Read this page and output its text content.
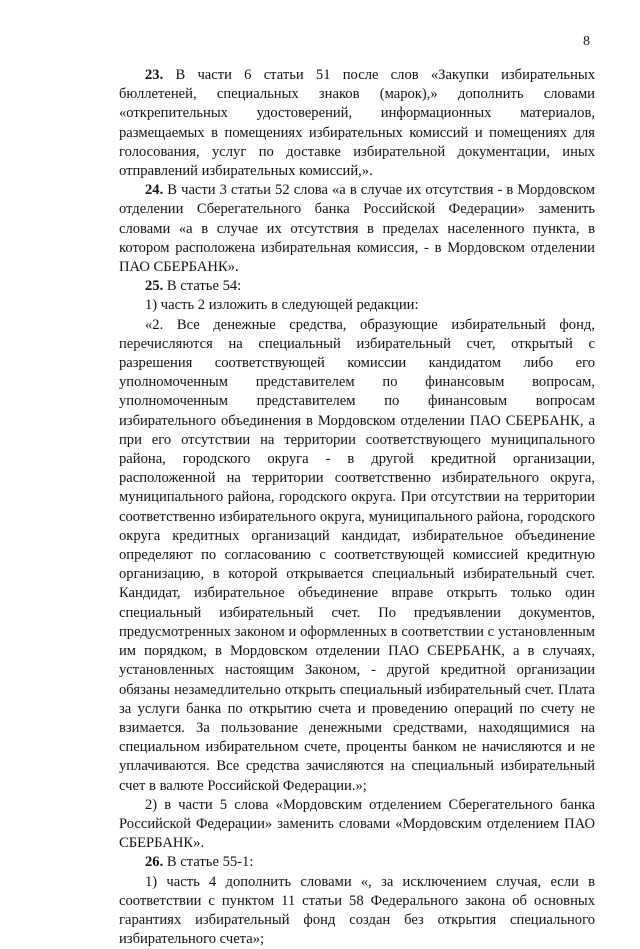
8

23. В части 6 статьи 51 после слов «Закупки избирательных бюллетеней, специальных знаков (марок),» дополнить словами «открепительных удостоверений, информационных материалов, размещаемых в помещениях избирательных комиссий и помещениях для голосования, услуг по доставке избирательной документации, иных отправлений избирательных комиссий,».

24. В части 3 статьи 52 слова «а в случае их отсутствия - в Мордовском отделении Сберегательного банка Российской Федерации» заменить словами «а в случае их отсутствия в пределах населенного пункта, в котором расположена избирательная комиссия, - в Мордовском отделении ПАО СБЕРБАНК».

25. В статье 54:

1) часть 2 изложить в следующей редакции:

«2. Все денежные средства, образующие избирательный фонд, перечисляются на специальный избирательный счет, открытый с разрешения соответствующей комиссии кандидатом либо его уполномоченным представителем по финансовым вопросам, уполномоченным представителем по финансовым вопросам избирательного объединения в Мордовском отделении ПАО СБЕРБАНК, а при его отсутствии на территории соответствующего муниципального района, городского округа - в другой кредитной организации, расположенной на территории соответственно избирательного округа, муниципального района, городского округа. При отсутствии на территории соответственно избирательного округа, муниципального района, городского округа кредитных организаций кандидат, избирательное объединение определяют по согласованию с соответствующей комиссией кредитную организацию, в которой открывается специальный избирательный счет. Кандидат, избирательное объединение вправе открыть только один специальный избирательный счет. По предъявлении документов, предусмотренных законом и оформленных в соответствии с установленным им порядком, в Мордовском отделении ПАО СБЕРБАНК, а в случаях, установленных настоящим Законом, - другой кредитной организации обязаны незамедлительно открыть специальный избирательный счет. Плата за услуги банка по открытию счета и проведению операций по счету не взимается. За пользование денежными средствами, находящимися на специальном избирательном счете, проценты банком не начисляются и не уплачиваются. Все средства зачисляются на специальный избирательный счет в валюте Российской Федерации.»;

2) в части 5 слова «Мордовским отделением Сберегательного банка Российской Федерации» заменить словами «Мордовским отделением ПАО СБЕРБАНК».

26. В статье 55-1:

1) часть 4 дополнить словами «, за исключением случая, если в соответствии с пунктом 11 статьи 58 Федерального закона об основных гарантиях избирательный фонд создан без открытия специального избирательного счета»;
